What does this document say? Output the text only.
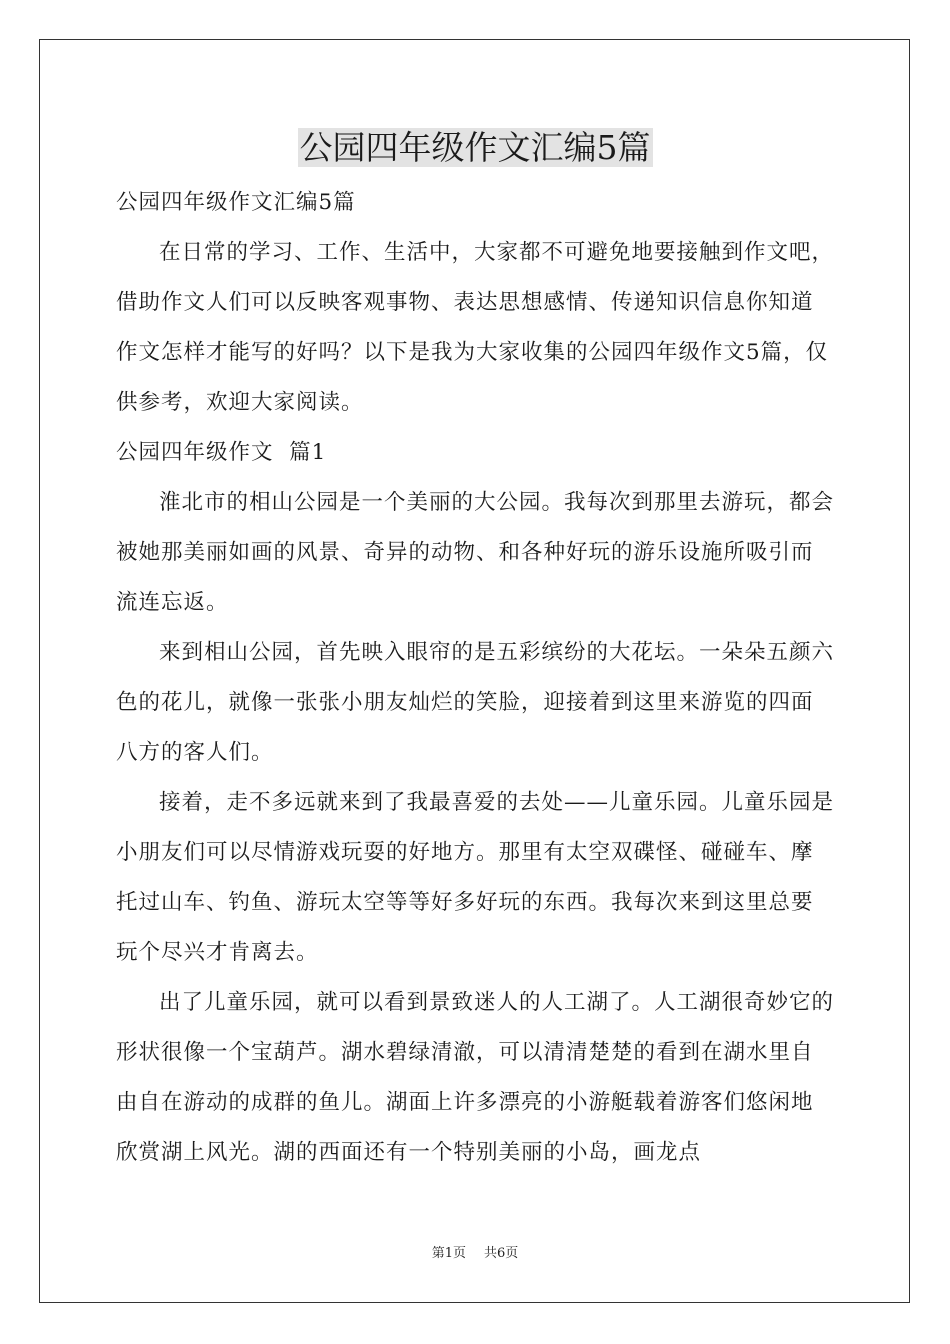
公园四年级作文汇编5篇

公园四年级作文汇编5篇

在日常的学习、工作、生活中，大家都不可避免地要接触到作文吧，借助作文人们可以反映客观事物、表达思想感情、传递知识信息你知道作文怎样才能写的好吗？以下是我为大家收集的公园四年级作文5篇，仅供参考，欢迎大家阅读。

公园四年级作文  篇1

淮北市的相山公园是一个美丽的大公园。我每次到那里去游玩，都会被她那美丽如画的风景、奇异的动物、和各种好玩的游乐设施所吸引而流连忘返。

来到相山公园，首先映入眼帘的是五彩缤纷的大花坛。一朵朵五颜六色的花儿，就像一张张小朋友灿烂的笑脸，迎接着到这里来游览的四面八方的客人们。

接着，走不多远就来到了我最喜爱的去处——儿童乐园。儿童乐园是小朋友们可以尽情游戏玩耍的好地方。那里有太空双碟怪、碰碰车、摩托过山车、钓鱼、游玩太空等等好多好玩的东西。我每次来到这里总要玩个尽兴才肯离去。

出了儿童乐园，就可以看到景致迷人的人工湖了。人工湖很奇妙它的形状很像一个宝葫芦。湖水碧绿清澈，可以清清楚楚的看到在湖水里自由自在游动的成群的鱼儿。湖面上许多漂亮的小游艇载着游客们悠闲地欣赏湖上风光。湖的西面还有一个特别美丽的小岛，画龙点

第1页 共6页
